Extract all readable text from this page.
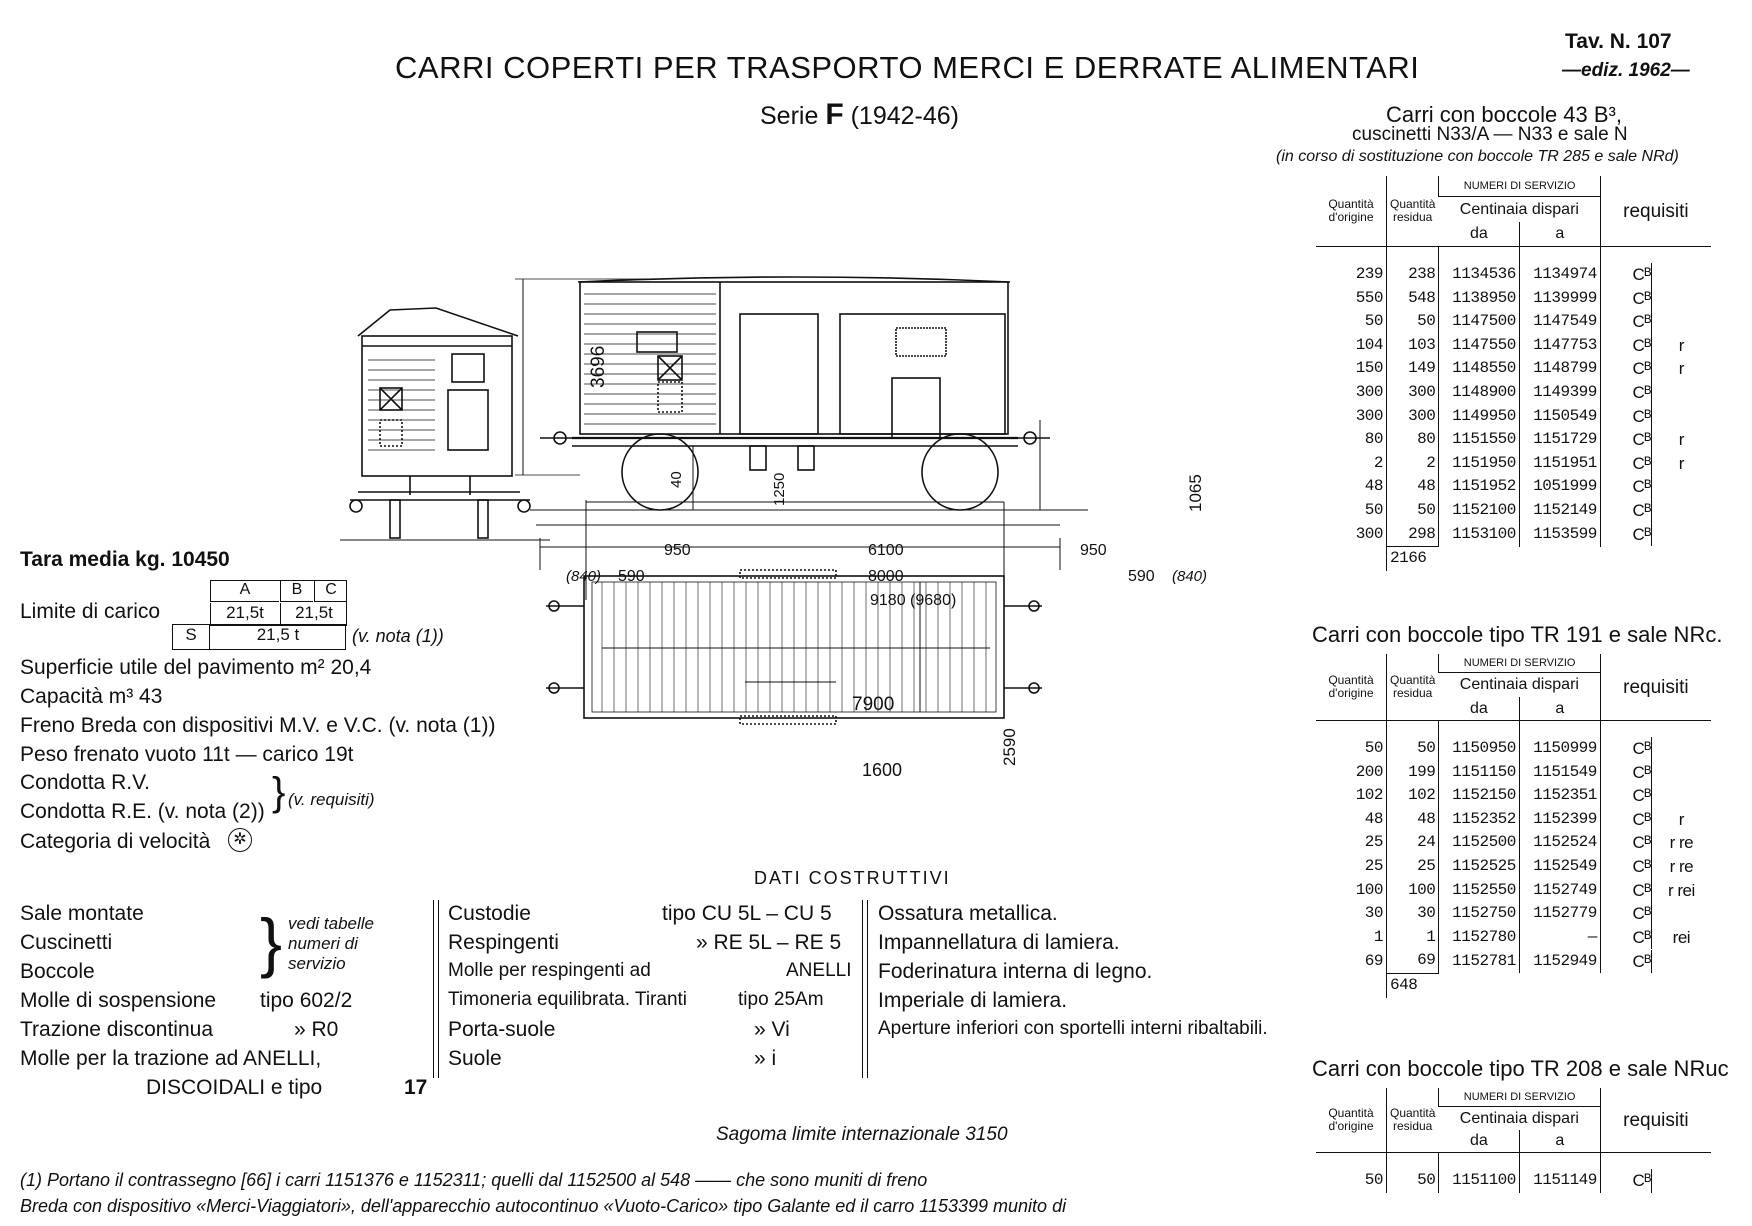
CARRI COPERTI PER TRASPORTO MERCI E DERRATE ALIMENTARI
Serie F (1942-46)
Tav. N. 107
—ediz. 1962—
3696
40	1250	1065
950	6100	950
(840) 590	8000	590 (840)
9180 (9680)
7900
1600
2590
Tara media kg. 10450
Limite di carico
A	B	C
21,5t	21,5t
S	21,5 t	(v. nota (1))
Superficie utile del pavimento m² 20,4
Capacità m³ 43
Freno Breda con dispositivi M.V. e V.C. (v. nota (1))
Peso frenato vuoto 11t — carico 19t
Condotta R.V.
Condotta R.E. (v. nota (2)) } (v. requisiti)
Categoria di velocità	✲
DATI COSTRUTTIVI
Sale montate
Cuscinetti
Boccole
Molle di sospensione tipo 602/2
Trazione discontinua	» R0
Molle per la trazione ad ANELLI,
DISCOIDALI e tipo	17
} vedi tabelle numeri di servizio
Custodie	tipo CU 5L – CU 5
Respingenti	» RE 5L – RE 5
Molle per respingenti ad	ANELLI
Timoneria equilibrata. Tiranti	tipo 25Am
Porta-suole	» Vi
Suole	» i
Ossatura metallica.
Impannellatura di lamiera.
Foderinatura interna di legno.
Imperiale di lamiera.
Aperture inferiori con sportelli interni ribaltabili.
Sagoma limite internazionale 3150
(1) Portano il contrassegno [66] i carri 1151376 e 1152311; quelli dal 1152500 al 548 —— che sono muniti di freno
Breda con dispositivo «Merci-Viaggiatori», dell'apparecchio autocontinuo «Vuoto-Carico» tipo Galante ed il carro 1153399 munito di
Carri con boccole 43 B³,
cuscinetti N33/A — N33 e sale N
(in corso di sostituzione con boccole TR 285 e sale NRd)
Quantità d'origine	Quantità residua	NUMERI DI SERVIZIO		requisiti
		Centinaia dispari		
		da	a	

239	238	1134536	1134974	Cᴮ

550	548	1138950	1139999	Cᴮ

50	50	1147500	1147549	Cᴮ

104	103	1147550	1147753	Cᴮ r

150	149	1148550	1148799	Cᴮ r

300	300	1148900	1149399	Cᴮ

300	300	1149950	1150549	Cᴮ

80	80	1151550	1151729	Cᴮ r

2	2	1151950	1151951	Cᴮ r

48	48	1151952	1051999	Cᴮ

50	50	1152100	1152149	Cᴮ

300	298	1153100	1153599	Cᴮ

	2166			
Carri con boccole tipo TR 191 e sale NRc.
Quantità d'origine	Quantità residua	NUMERI DI SERVIZIO		requisiti
		Centinaia dispari		
		da	a	

50	50	1150950	1150999	Cᴮ

200	199	1151150	1151549	Cᴮ

102	102	1152150	1152351	Cᴮ

48	48	1152352	1152399	Cᴮ r

25	24	1152500	1152524	Cᴮ r re

25	25	1152525	1152549	Cᴮ r re

100	100	1152550	1152749	Cᴮ r rei

30	30	1152750	1152779	Cᴮ

1	1	1152780	—	Cᴮ rei

69	69	1152781	1152949	Cᴮ

	648			
Carri con boccole tipo TR 208 e sale NRuc
Quantità d'origine	Quantità residua	NUMERI DI SERVIZIO		requisiti
		Centinaia dispari		
		da	a	

50	50	1151100	1151149	Cᴮ
